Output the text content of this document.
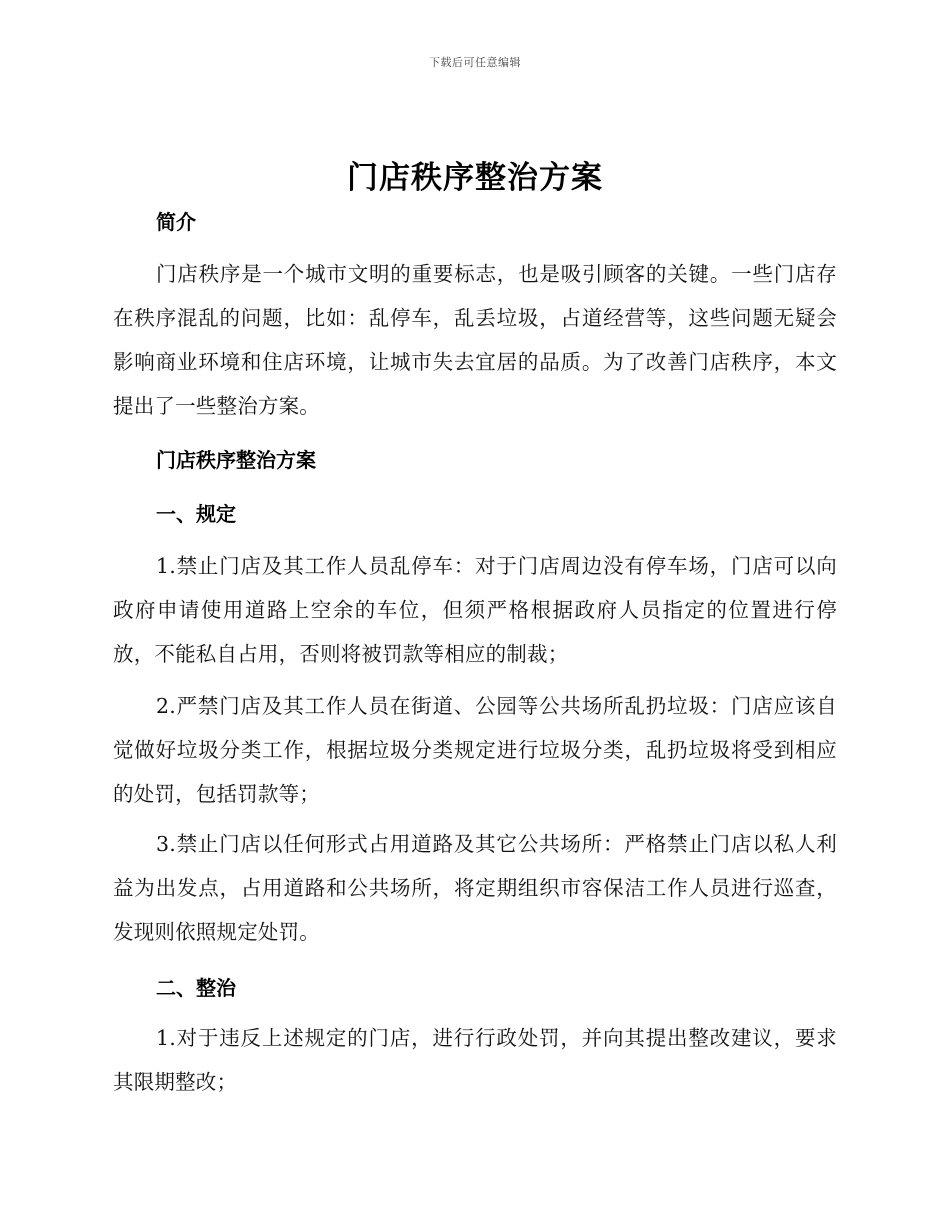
下载后可任意编辑
门店秩序整治方案
简介
门店秩序是一个城市文明的重要标志，也是吸引顾客的关键。一些门店存在秩序混乱的问题，比如：乱停车，乱丢垃圾，占道经营等，这些问题无疑会影响商业环境和住店环境，让城市失去宜居的品质。为了改善门店秩序，本文提出了一些整治方案。
门店秩序整治方案
一、规定
1.禁止门店及其工作人员乱停车：对于门店周边没有停车场，门店可以向政府申请使用道路上空余的车位，但须严格根据政府人员指定的位置进行停放，不能私自占用，否则将被罚款等相应的制裁；
2.严禁门店及其工作人员在街道、公园等公共场所乱扔垃圾：门店应该自觉做好垃圾分类工作，根据垃圾分类规定进行垃圾分类，乱扔垃圾将受到相应的处罚，包括罚款等；
3.禁止门店以任何形式占用道路及其它公共场所：严格禁止门店以私人利益为出发点，占用道路和公共场所，将定期组织市容保洁工作人员进行巡查，发现则依照规定处罚。
二、整治
1.对于违反上述规定的门店，进行行政处罚，并向其提出整改建议，要求其限期整改；
